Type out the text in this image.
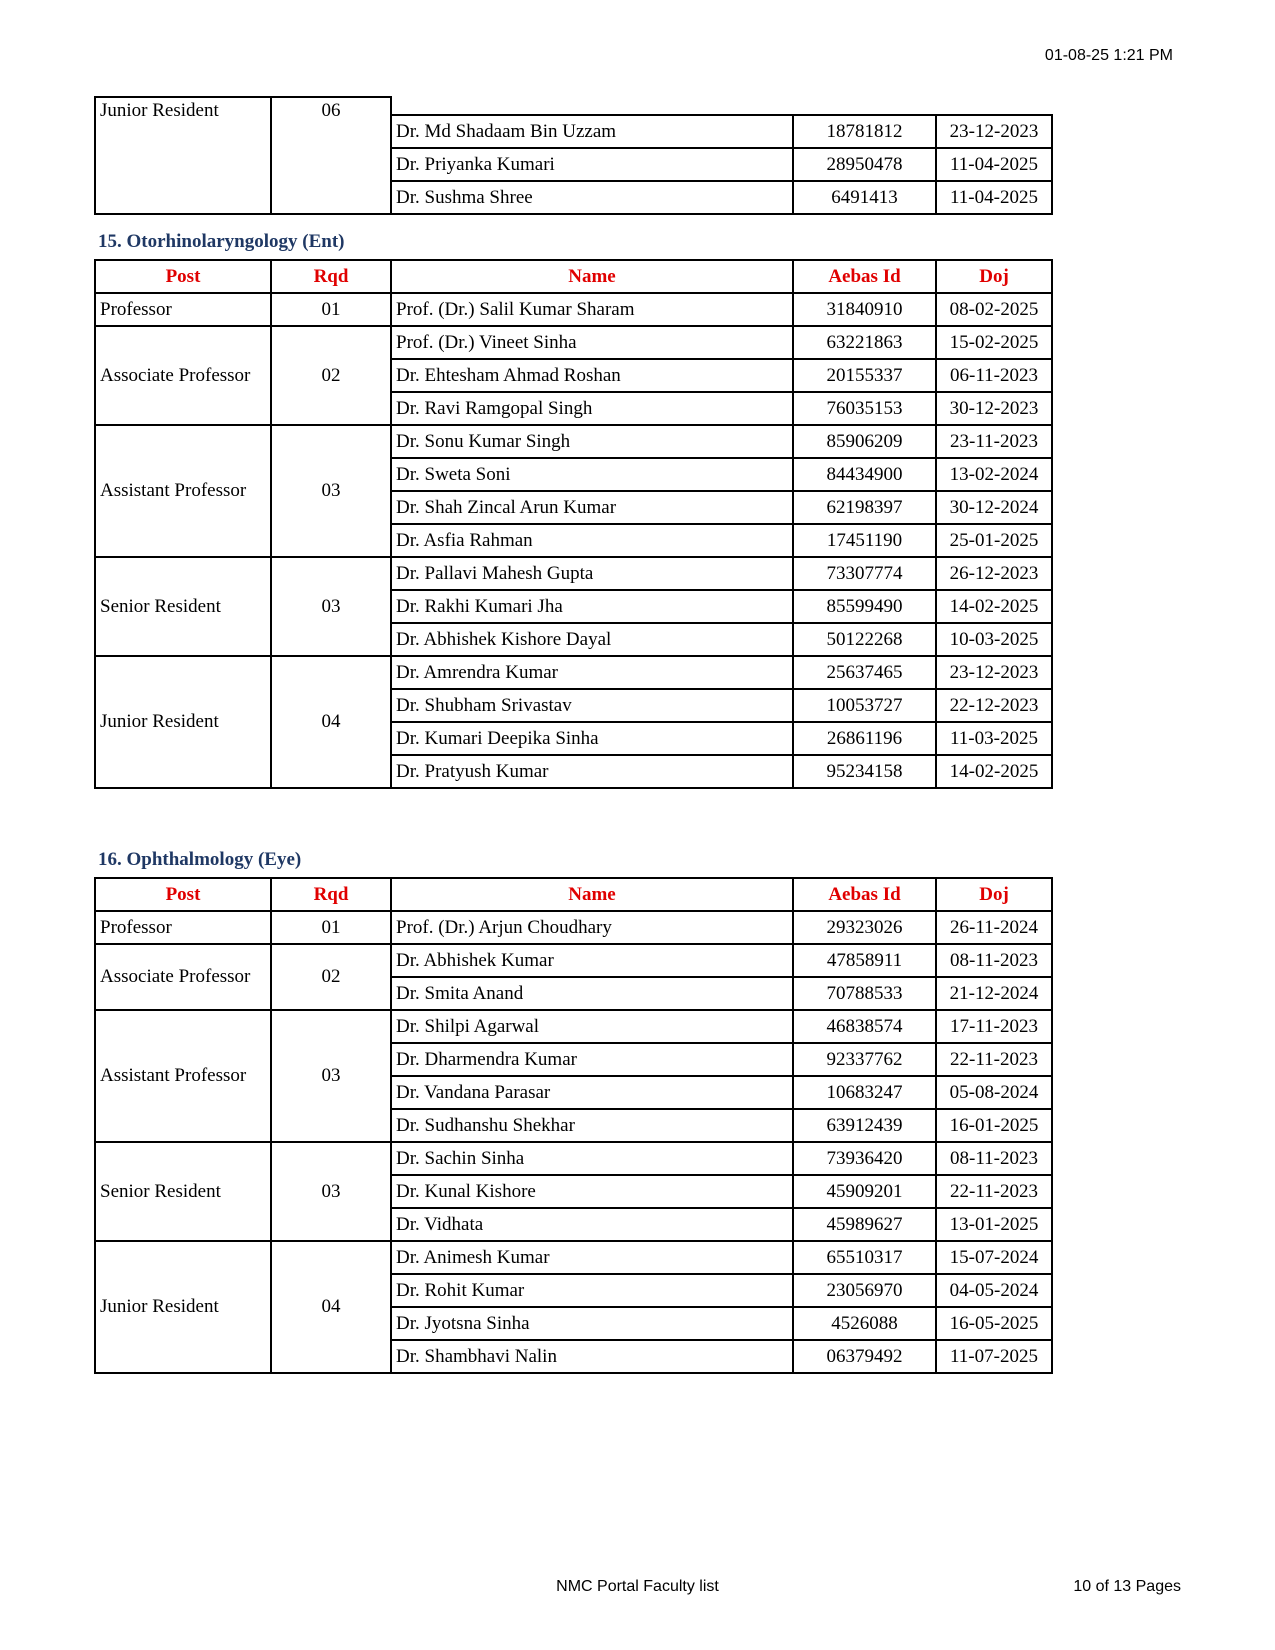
01-08-25 1:21 PM
Junior Resident	06			
		Dr. Md Shadaam Bin Uzzam	18781812	23-12-2023
		Dr. Priyanka Kumari	28950478	11-04-2025
		Dr. Sushma Shree	6491413	11-04-2025
15. Otorhinolaryngology (Ent)
Post	Rqd	Name	Aebas Id	Doj
Professor	01	Prof. (Dr.) Salil Kumar Sharam	31840910	08-02-2025
Associate Professor	02	Prof. (Dr.) Vineet Sinha	63221863	15-02-2025
		Dr. Ehtesham Ahmad Roshan	20155337	06-11-2023
		Dr. Ravi Ramgopal Singh	76035153	30-12-2023
Assistant Professor	03	Dr. Sonu Kumar Singh	85906209	23-11-2023
		Dr. Sweta Soni	84434900	13-02-2024
		Dr. Shah Zincal Arun Kumar	62198397	30-12-2024
		Dr. Asfia Rahman	17451190	25-01-2025
Senior Resident	03	Dr. Pallavi Mahesh Gupta	73307774	26-12-2023
		Dr. Rakhi Kumari Jha	85599490	14-02-2025
		Dr. Abhishek Kishore Dayal	50122268	10-03-2025
Junior Resident	04	Dr. Amrendra Kumar	25637465	23-12-2023
		Dr. Shubham Srivastav	10053727	22-12-2023
		Dr. Kumari Deepika Sinha	26861196	11-03-2025
		Dr. Pratyush Kumar	95234158	14-02-2025
16. Ophthalmology (Eye)
Post	Rqd	Name	Aebas Id	Doj
Professor	01	Prof. (Dr.) Arjun Choudhary	29323026	26-11-2024
Associate Professor	02	Dr. Abhishek Kumar	47858911	08-11-2023
		Dr. Smita Anand	70788533	21-12-2024
Assistant Professor	03	Dr. Shilpi Agarwal	46838574	17-11-2023
		Dr. Dharmendra Kumar	92337762	22-11-2023
		Dr. Vandana Parasar	10683247	05-08-2024
		Dr. Sudhanshu Shekhar	63912439	16-01-2025
Senior Resident	03	Dr. Sachin Sinha	73936420	08-11-2023
		Dr. Kunal Kishore	45909201	22-11-2023
		Dr. Vidhata	45989627	13-01-2025
Junior Resident	04	Dr. Animesh Kumar	65510317	15-07-2024
		Dr. Rohit Kumar	23056970	04-05-2024
		Dr. Jyotsna Sinha	4526088	16-05-2025
		Dr. Shambhavi Nalin	06379492	11-07-2025
NMC Portal Faculty list	10 of 13 Pages
